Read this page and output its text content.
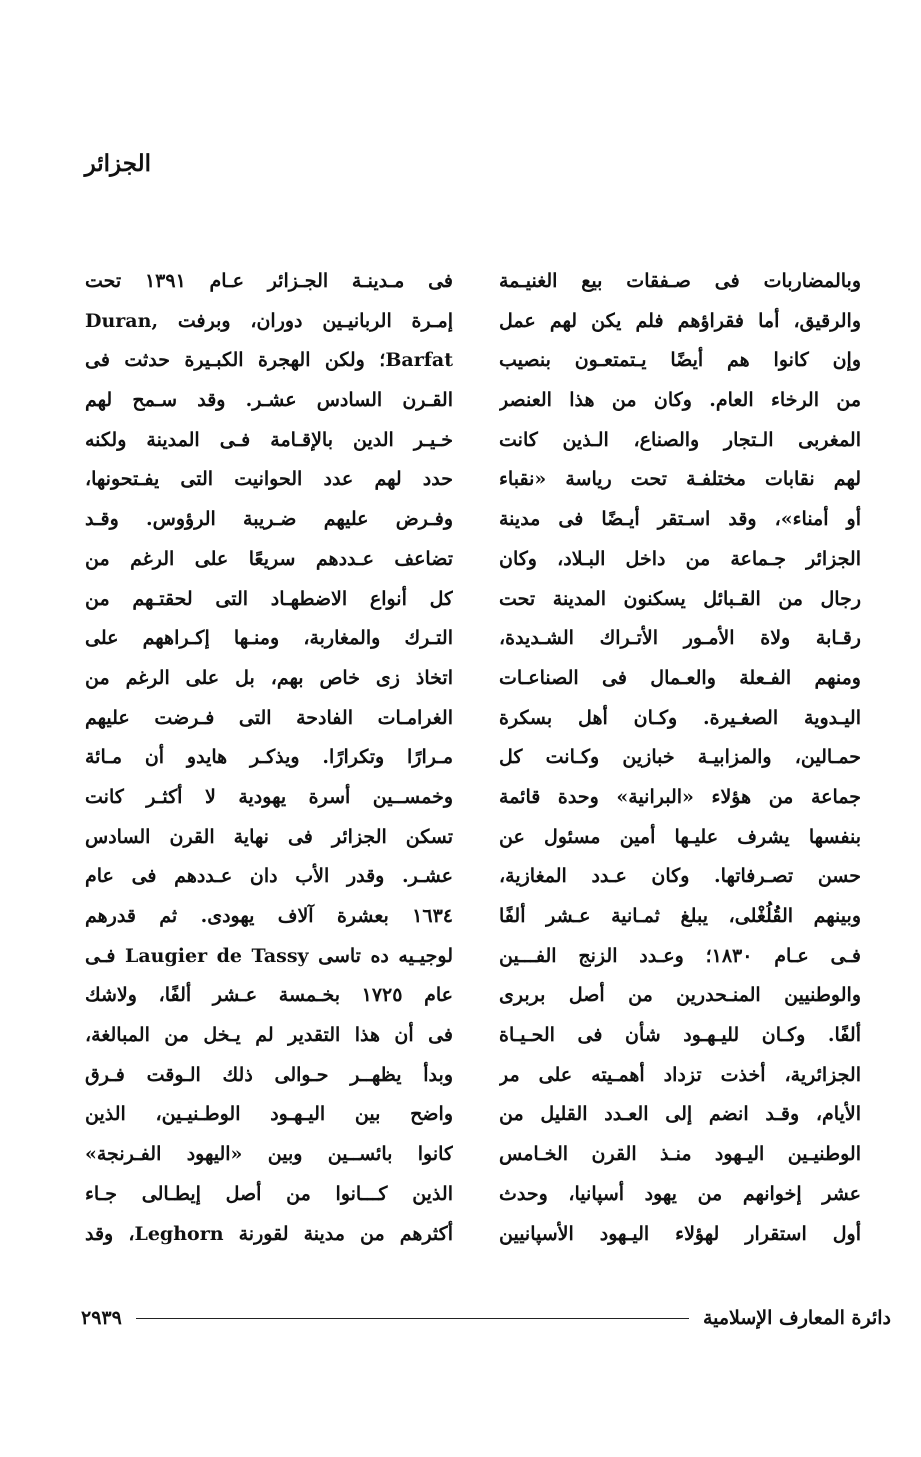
الجزائر
وبالمضاربات فى صـفقات بيع الغنيـمة
والرقيق، أما فقراؤهم فلم يكن لهم عمل
وإن كانوا هم أيضًا يـتمتعـون بنصيب
من الرخاء العام. وكان من هذا العنصر
المغربى الـتجار والصناع، الـذين كانت
لهم نقابات مختلفـة تحت رياسة «نقباء
أو أمناء»، وقد اسـتقر أيـضًا فى مدينة
الجزائر جـماعة من داخل البـلاد، وكان
رجال من القـبائل يسكنون المدينة تحت
رقـابة ولاة الأمـور الأتـراك الشـديدة،
ومنهم الفـعلة والعـمال فى الصناعـات
اليـدوية الصغـيرة. وكـان أهل بسكرة
حمـالين، والمزابيـة خبازين وكـانت كل
جماعة من هؤلاء «البرانية» وحدة قائمة
بنفسها يشرف عليـها أمين مسئول عن
حسن تصـرفاتها. وكان عـدد المغازية،
وبينهم القُلُغْلى، يبلغ ثمـانية عـشر ألفًا
فـى عـام ١٨٣٠؛ وعـدد الزنج الفـــين
والوطنيين المنـحدرين من أصل بربرى
ألفًا. وكـان لليـهـود شأن فى الحـيـاة
الجزائرية، أخذت تزداد أهمـيته على مر
الأيام، وقـد انضم إلى العـدد القليل من
الوطنيـين اليـهود منـذ القرن الخـامس
عشر إخوانهم من يهود أسپانيا، وحدث
أول استقرار لهؤلاء اليـهود الأسپانيين
فى مـدينـة الجـزائر عـام ١٣٩١ تحت
إمـرة الربانيـين دوران، وبرفت ,Duran
Barfat؛ ولكن الهجرة الكبـيرة حدثت فى
القـرن السادس عشـر. وقد سـمح لهم
خـيـر الدين بالإقـامة فـى المدينة ولكنه
حدد لهم عدد الحوانيت التى يفـتحونها،
وفـرض عليهم ضـريبة الرؤوس. وقـد
تضاعف عـددهم سريعًا على الرغم من
كل أنواع الاضطهـاد التى لحقتـهم من
التـرك والمغاربة، ومنـها إكـراههم على
اتخاذ زى خاص بهم، بل على الرغم من
الغرامـات الفادحة التى فـرضت عليهم
مـرارًا وتكرارًا. ويذكـر هايدو أن مـائة
وخمســين أسرة يهودية لا أكثـر كانت
تسكن الجزائر فى نهاية القرن السادس
عشـر. وقدر الأب دان عـددهم فى عام
١٦٣٤ بعشرة آلاف يهودى. ثم قدرهم
لوجيـيه ده تاسى Laugier de Tassy فـى
عام ١٧٢٥ بخـمسة عـشر ألفًا، ولاشك
فى أن هذا التقدير لم يـخل من المبالغة،
وبدأ يظهــر حـوالى ذلك الـوقت فـرق
واضح بين اليـهـود الوطـنيـين، الذين
كانوا بائســين وبين «اليهود الفـرنجة»
الذين كـــانوا من أصل إيطـالى جـاء
أكثرهم من مدينة لقورنة Leghorn، وقد
دائرة المعارف الإسلامية
٢٩٣٩
